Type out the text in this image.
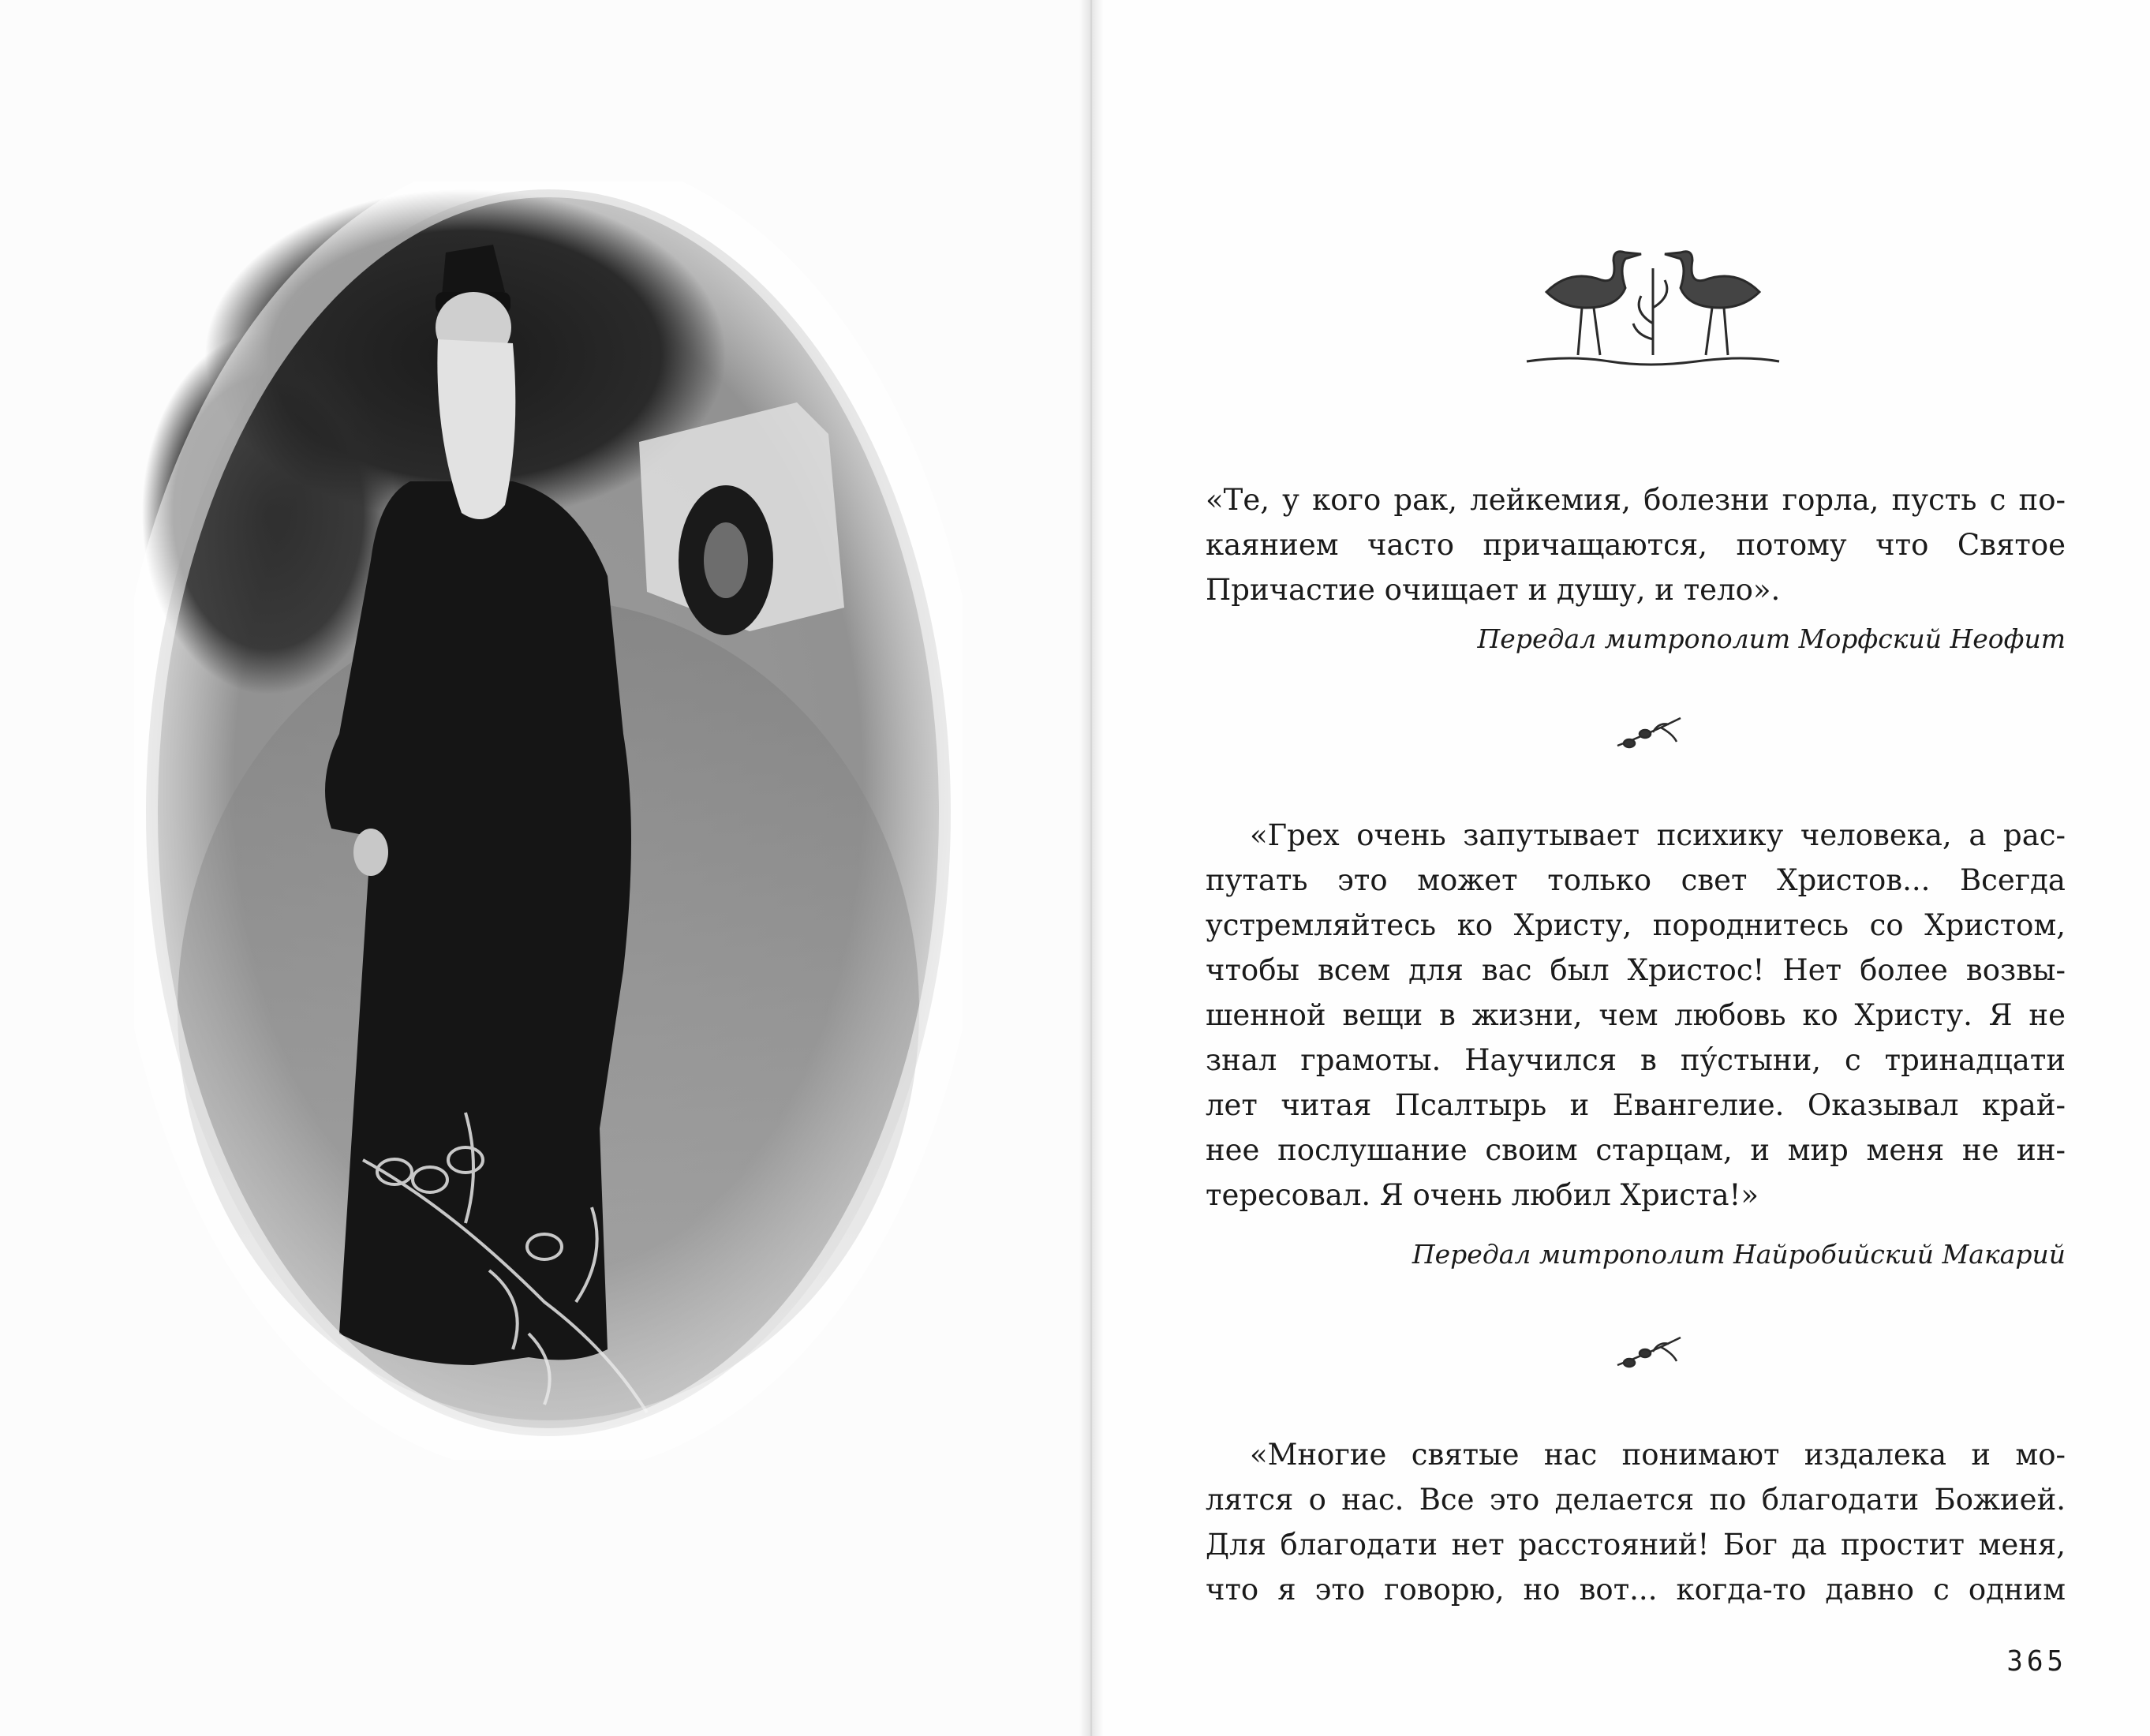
«Те, у кого рак, лейкемия, болезни горла, пусть с по-
каянием часто причащаются, потому что Святое
Причастие очищает и душу, и тело».
Передал митрополит Морфский Неофит
«Грех очень запутывает психику человека, а рас-
путать это может только свет Христов... Всегда
устремляйтесь ко Христу, породнитесь со Христом,
чтобы всем для вас был Христос! Нет более возвы-
шенной вещи в жизни, чем любовь ко Христу. Я не
знал грамоты. Научился в пу́стыни, с тринадцати
лет читая Псалтырь и Евангелие. Оказывал край-
нее послушание своим старцам, и мир меня не ин-
тересовал. Я очень любил Христа!»
Передал митрополит Найробийский Макарий
«Многие святые нас понимают издалека и мо-
лятся о нас. Все это делается по благодати Божией.
Для благодати нет расстояний! Бог да простит меня,
что я это говорю, но вот... когда-то давно с одним
365
